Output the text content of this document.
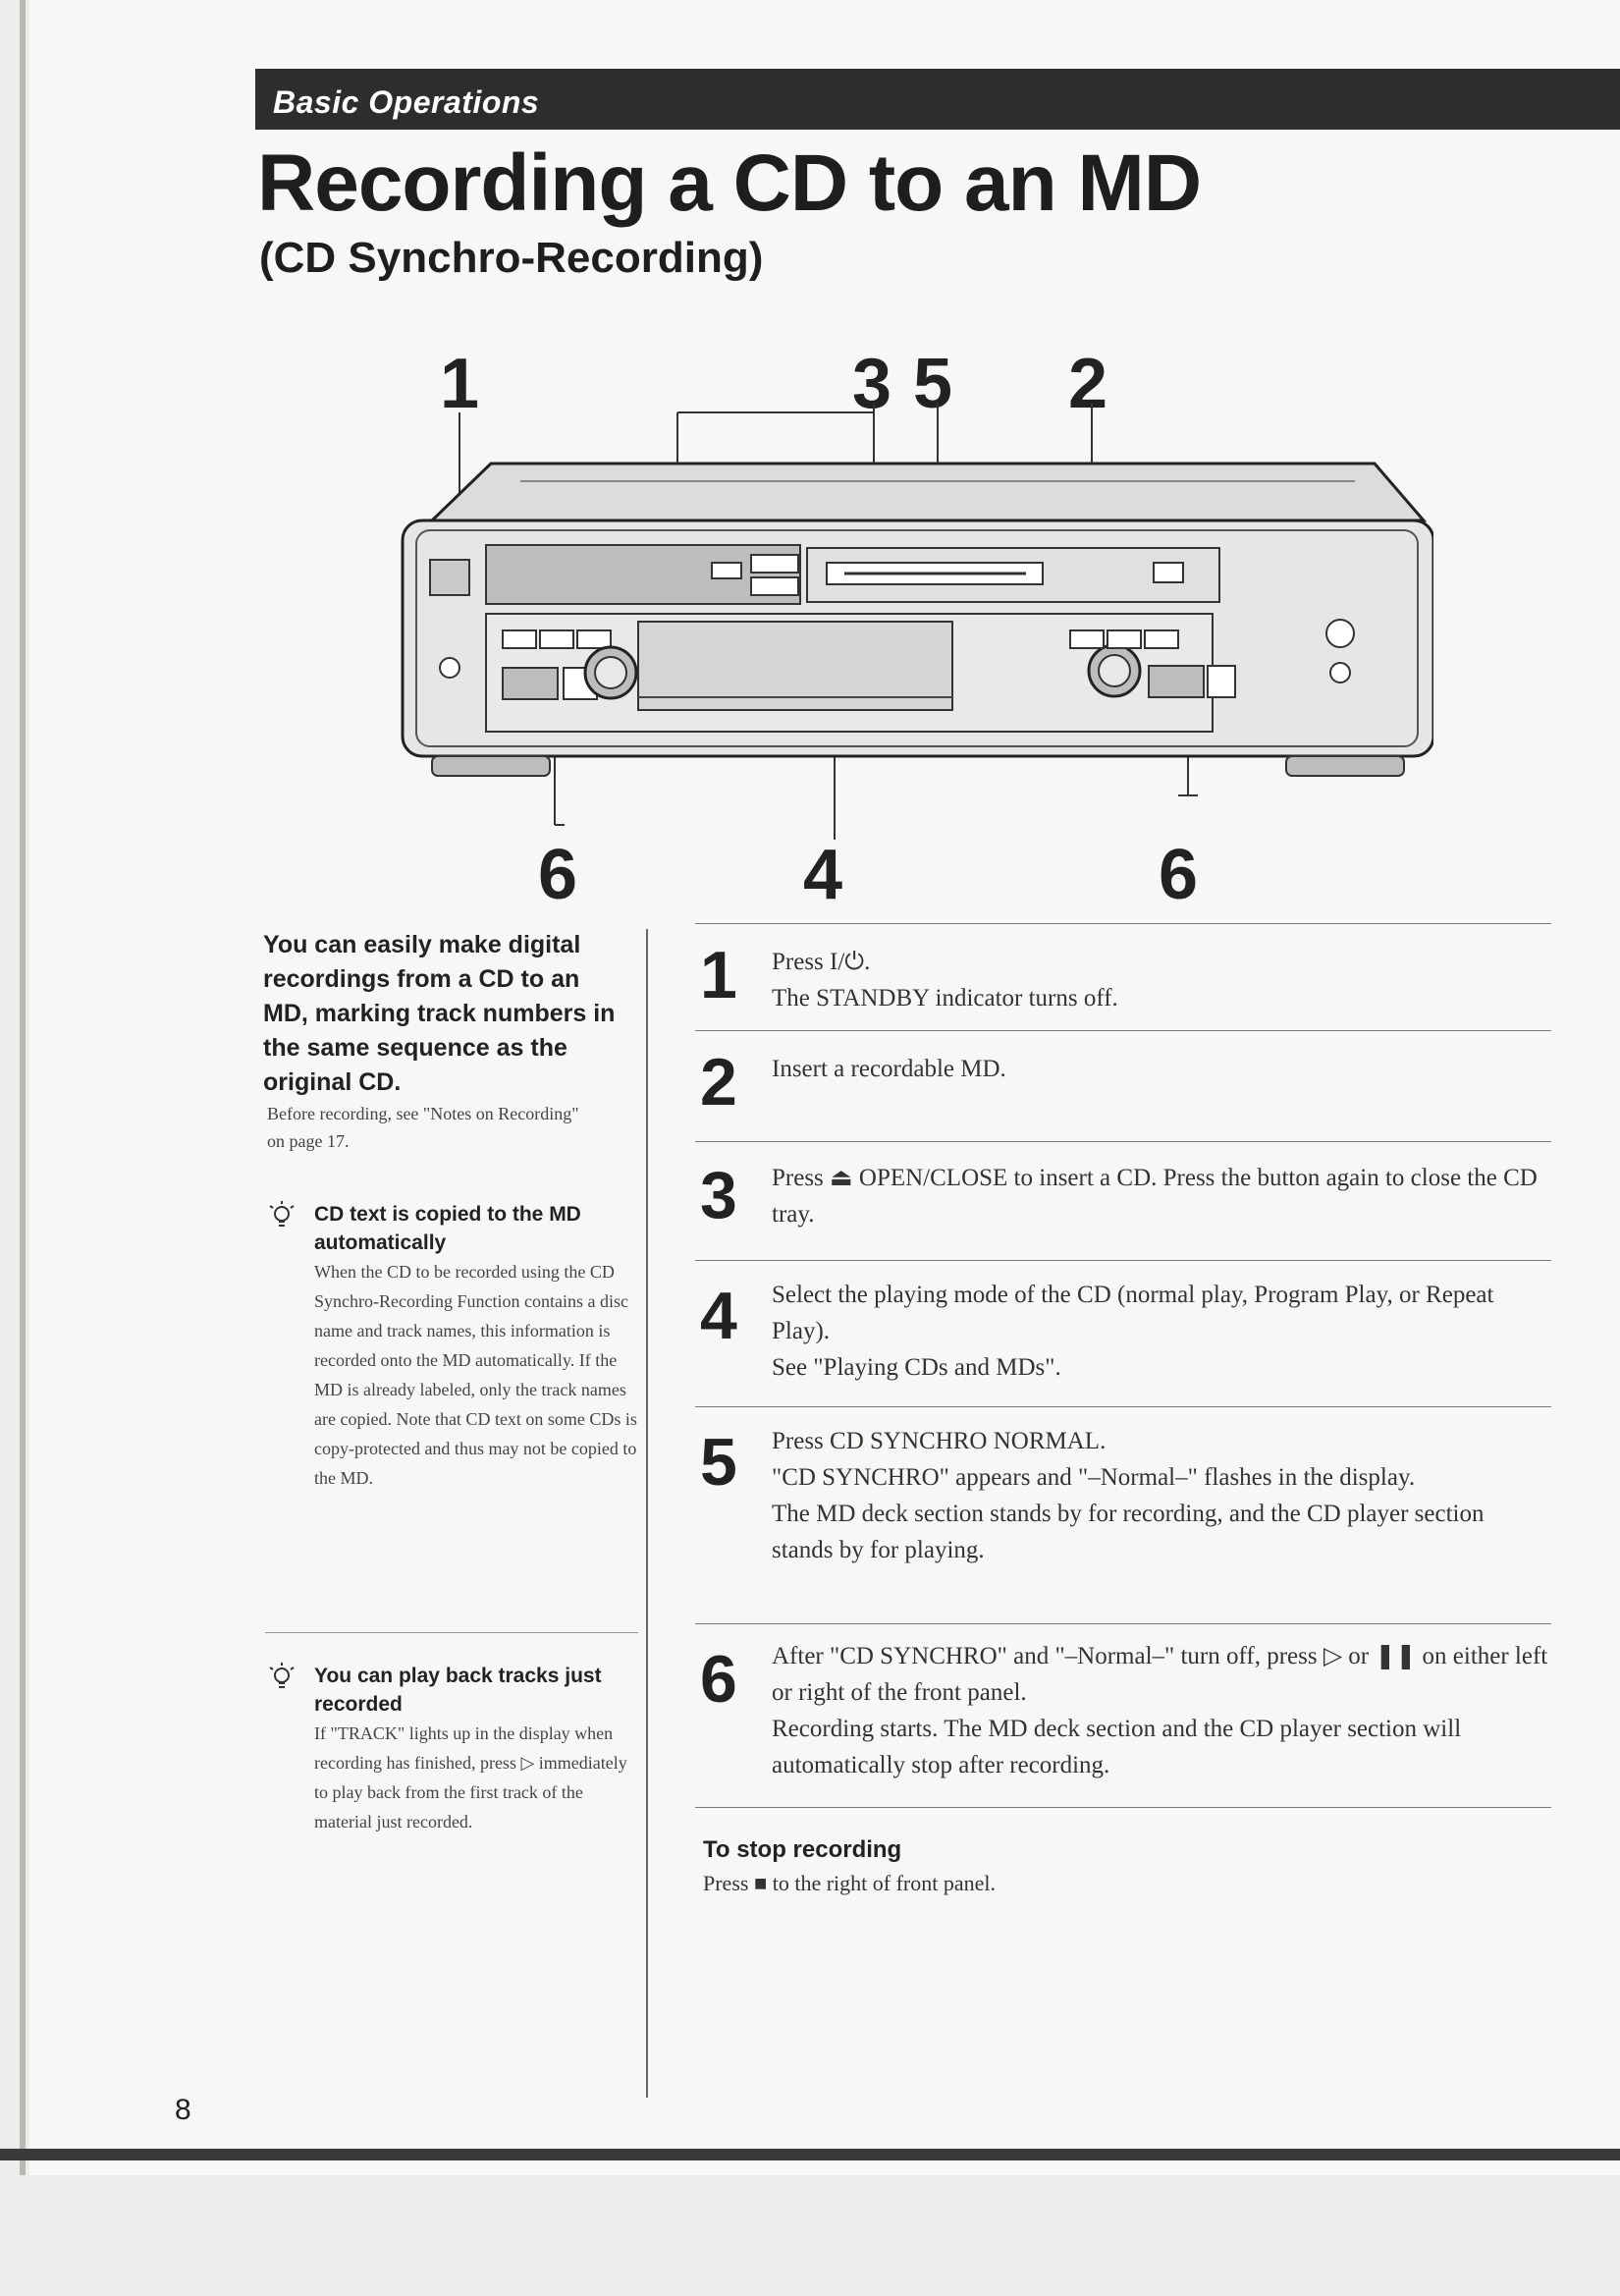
Basic Operations
Recording a CD to an MD
(CD Synchro-Recording)
1	3 5 2
6	4	6
You can easily make digital recordings from a CD to an MD, marking track numbers in the same sequence as the original CD.
Before recording, see "Notes on Recording" on page 17.
CD text is copied to the MD automatically
When the CD to be recorded using the CD Synchro-Recording Function contains a disc name and track names, this information is recorded onto the MD automatically. If the MD is already labeled, only the track names are copied. Note that CD text on some CDs is copy-protected and thus may not be copied to the MD.
You can play back tracks just recorded
If "TRACK" lights up in the display when recording has finished, press ▷ immediately to play back from the first track of the material just recorded.
1 Press I/⏻.
The STANDBY indicator turns off.
2 Insert a recordable MD.
3 Press ⏏ OPEN/CLOSE to insert a CD. Press the button again to close the CD tray.
4 Select the playing mode of the CD (normal play, Program Play, or Repeat Play).
See "Playing CDs and MDs".
5 Press CD SYNCHRO NORMAL.
"CD SYNCHRO" appears and "–Normal–" flashes in the display.
The MD deck section stands by for recording, and the CD player section stands by for playing.
6 After "CD SYNCHRO" and "–Normal–" turn off, press ▷ or ❚❚ on either left or right of the front panel.
Recording starts. The MD deck section and the CD player section will automatically stop after recording.
To stop recording
Press ■ to the right of front panel.
8
